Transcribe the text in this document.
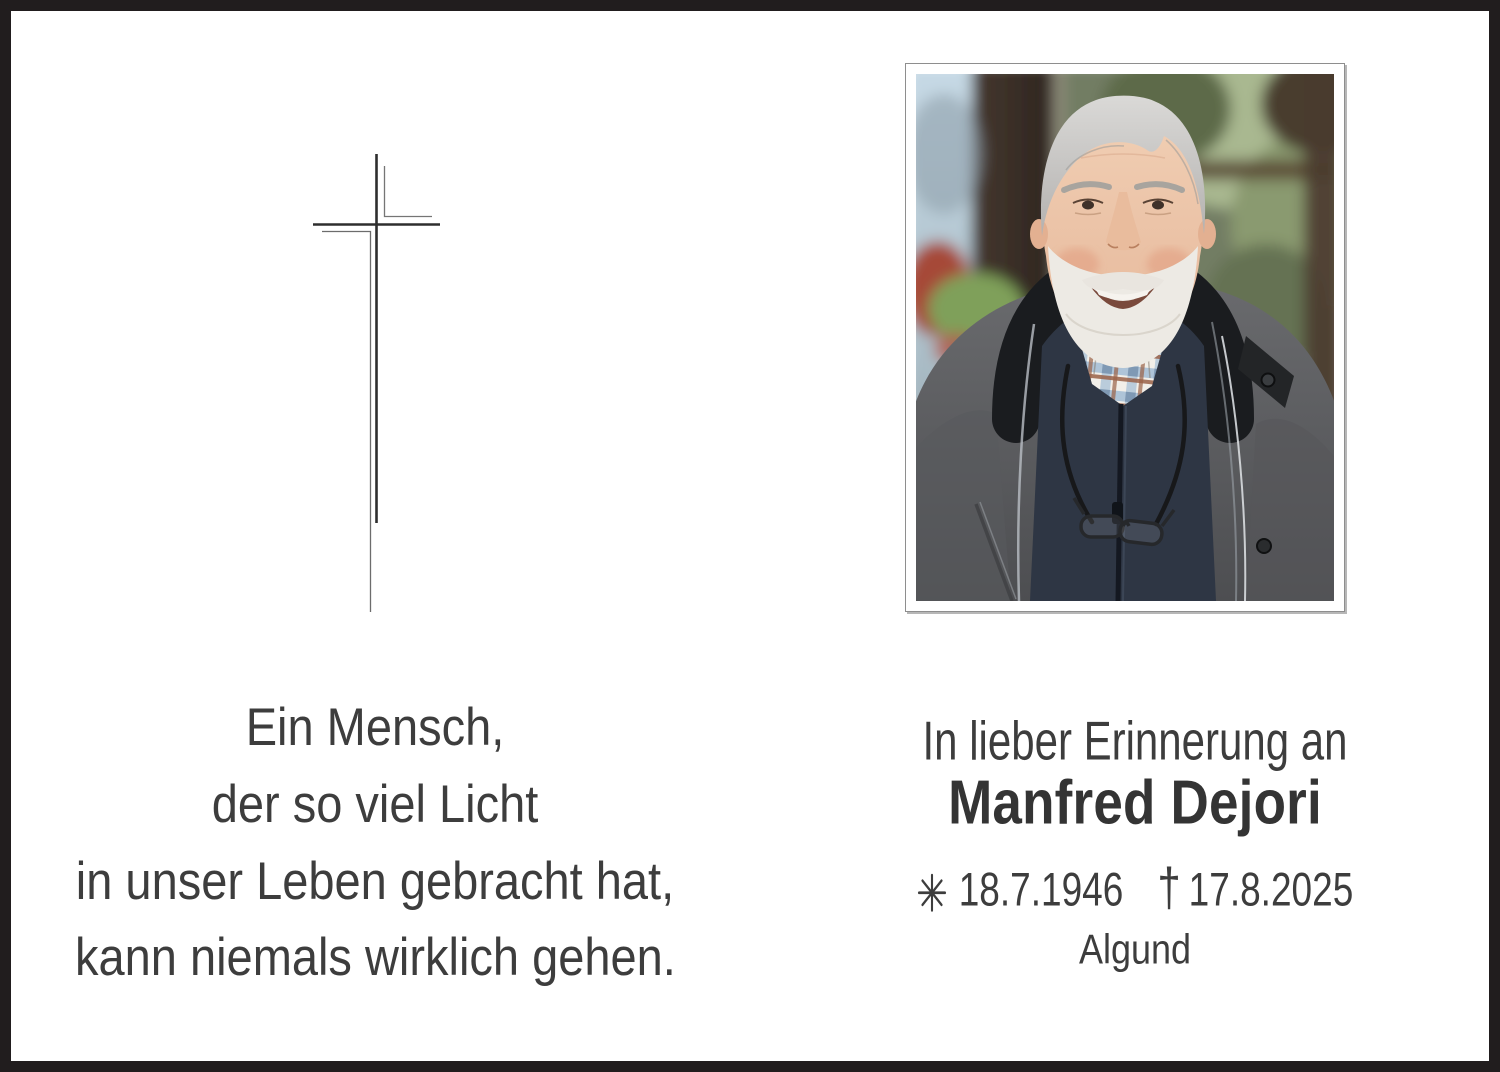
Ein Mensch,
der so viel Licht
in unser Leben gebracht hat,
kann niemals wirklich gehen.
In lieber Erinnerung an
Manfred Dejori
18.7.1946 † 17.8.2025
Algund
